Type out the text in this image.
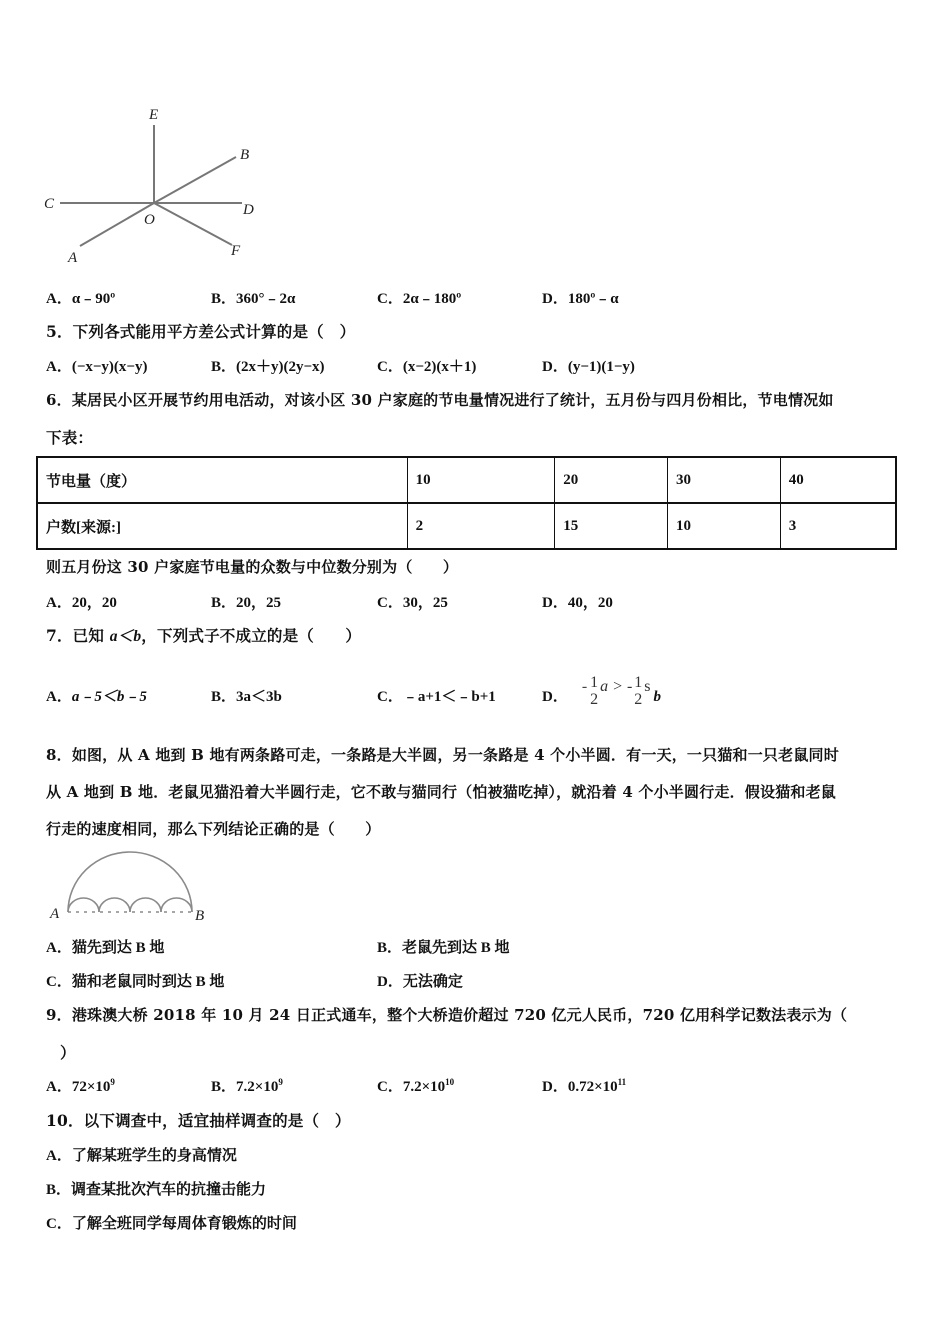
E
B
C	D
O
A	F
A．α﹣90º	B．360°﹣2α	C．2α﹣180º	D．180º﹣α
5．下列各式能用平方差公式计算的是（　）
A．(−x−y)(x−y)	B．(2x＋y)(2y−x)	C．(x−2)(x＋1)	D．(y−1)(1−y)
6．某居民小区开展节约用电活动，对该小区 30 户家庭的节电量情况进行了统计，五月份与四月份相比，节电情况如
下表：
节电量（度）	10	20	30	40
户数[来源:]	2	15	10	3
则五月份这 30 户家庭节电量的众数与中位数分别为（　　）
A．20，20	B．20，25	C．30，25	D．40，20
7．已知 a＜b，下列式子不成立的是（　　）
A．a﹣5＜b﹣5	B．3a＜3b	C．﹣a+1＜﹣b+1	D．
- 1
2
a > - 1
2
s
b
8．如图，从 A 地到 B 地有两条路可走，一条路是大半圆，另一条路是 4 个小半圆．有一天，一只猫和一只老鼠同时
从 A 地到 B 地．老鼠见猫沿着大半圆行走，它不敢与猫同行（怕被猫吃掉），就沿着 4 个小半圆行走．假设猫和老鼠
行走的速度相同，那么下列结论正确的是（　　）
A	B
A．猫先到达 B 地	B．老鼠先到达 B 地
C．猫和老鼠同时到达 B 地	D．无法确定
9．港珠澳大桥 2018 年 10 月 24 日正式通车，整个大桥造价超过 720 亿元人民币，720 亿用科学记数法表示为（
）
A．$72\times 10^9$	B．$7.2\times 10^9$	C．$7.2\times 10^{10}$	D．$0.72\times 10^{11}$
10．以下调查中，适宜抽样调查的是（　）
A．了解某班学生的身高情况
B．调查某批次汽车的抗撞击能力
C．了解全班同学每周体育锻炼的时间
